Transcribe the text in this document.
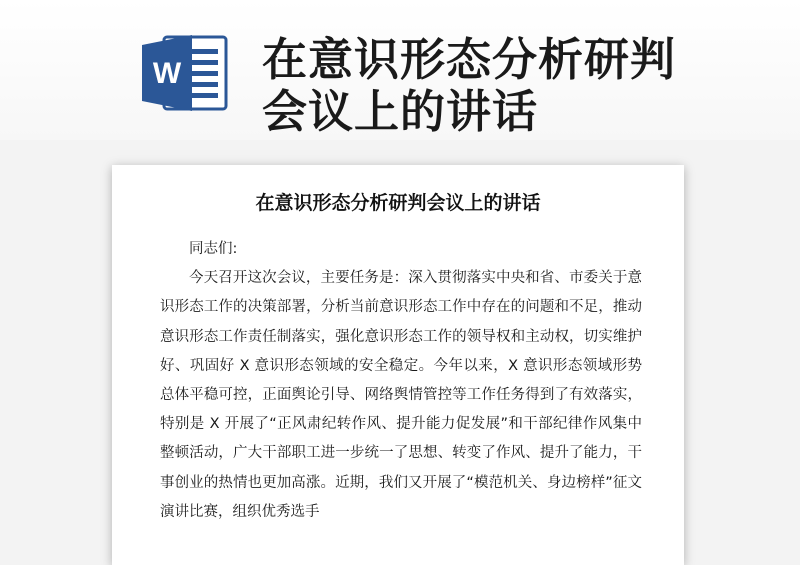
W 在意识形态分析研判会议上的讲话
在意识形态分析研判会议上的讲话

同志们:

今天召开这次会议，主要任务是：深入贯彻落实中央和省、市委关于意识形态工作的决策部署，分析当前意识形态工作中存在的问题和不足，推动意识形态工作责任制落实，强化意识形态工作的领导权和主动权，切实维护好、巩固好 X 意识形态领域的安全稳定。今年以来，X 意识形态领域形势总体平稳可控，正面舆论引导、网络舆情管控等工作任务得到了有效落实，特别是 X 开展了“正风肃纪转作风、提升能力促发展”和干部纪律作风集中整顿活动，广大干部职工进一步统一了思想、转变了作风、提升了能力，干事创业的热情也更加高涨。近期，我们又开展了“模范机关、身边榜样”征文演讲比赛，组织优秀选手
